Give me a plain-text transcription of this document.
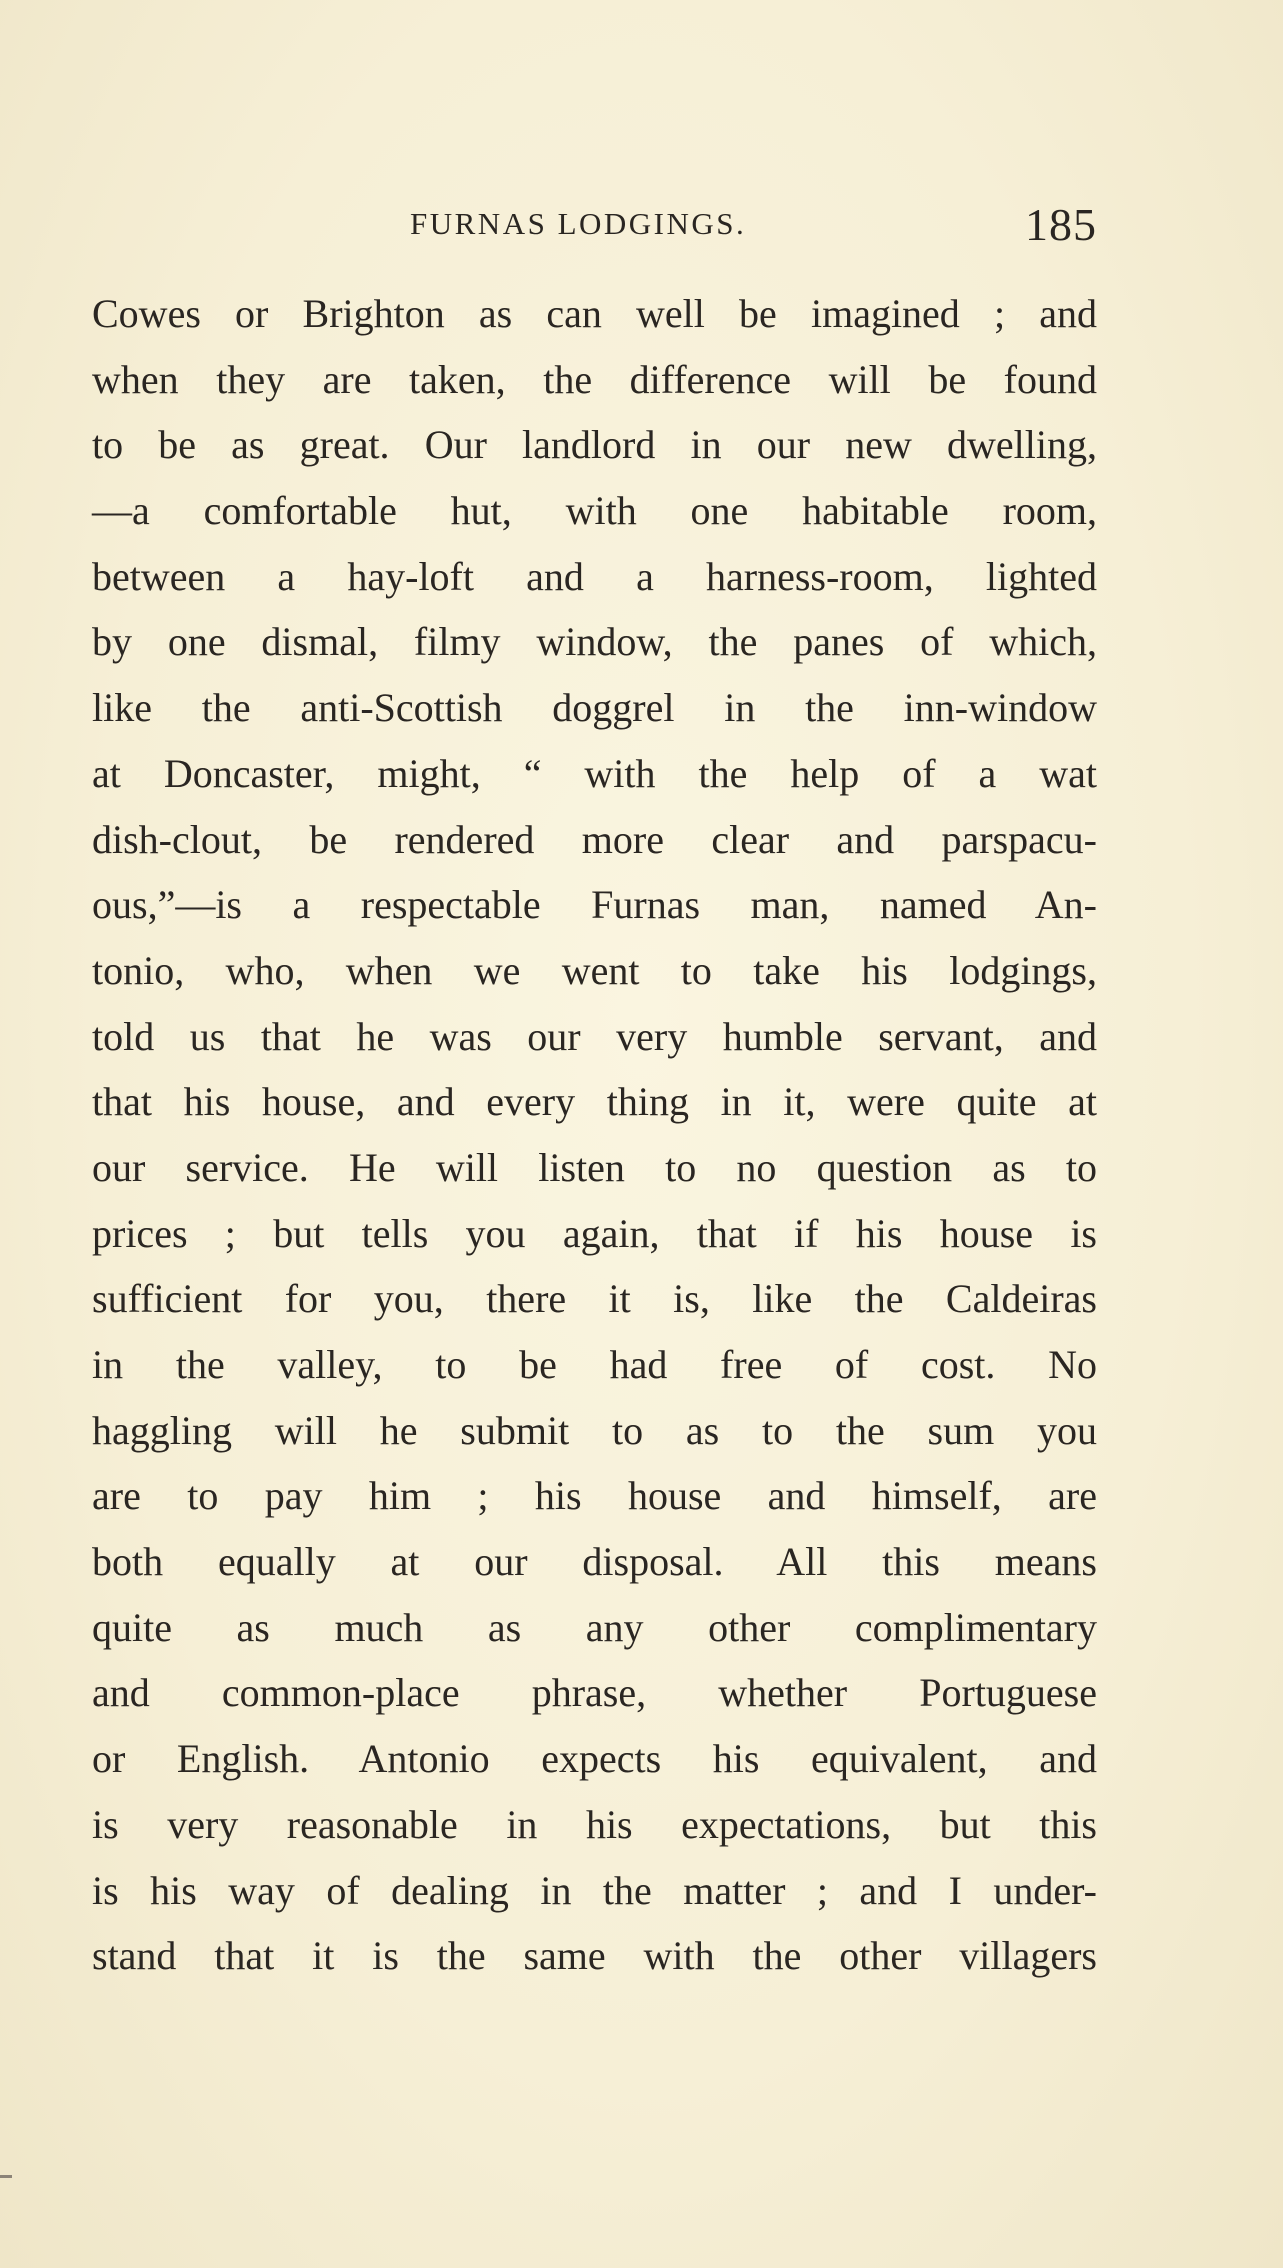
FURNAS LODGINGS.	185
Cowes or Brighton as can well be imagined ; and
when they are taken, the difference will be found
to be as great. Our landlord in our new dwelling,
—a comfortable hut, with one habitable room,
between a hay-loft and a harness-room, lighted
by one dismal, filmy window, the panes of which,
like the anti-Scottish doggrel in the inn-window
at Doncaster, might, “ with the help of a wat
dish-clout, be rendered more clear and parspacu-
ous,”—is a respectable Furnas man, named An-
tonio, who, when we went to take his lodgings,
told us that he was our very humble servant, and
that his house, and every thing in it, were quite at
our service. He will listen to no question as to
prices ; but tells you again, that if his house is
sufficient for you, there it is, like the Caldeiras
in the valley, to be had free of cost. No
haggling will he submit to as to the sum you
are to pay him ; his house and himself, are
both equally at our disposal. All this means
quite as much as any other complimentary
and common-place phrase, whether Portuguese
or English. Antonio expects his equivalent, and
is very reasonable in his expectations, but this
is his way of dealing in the matter ; and I under-
stand that it is the same with the other villagers
